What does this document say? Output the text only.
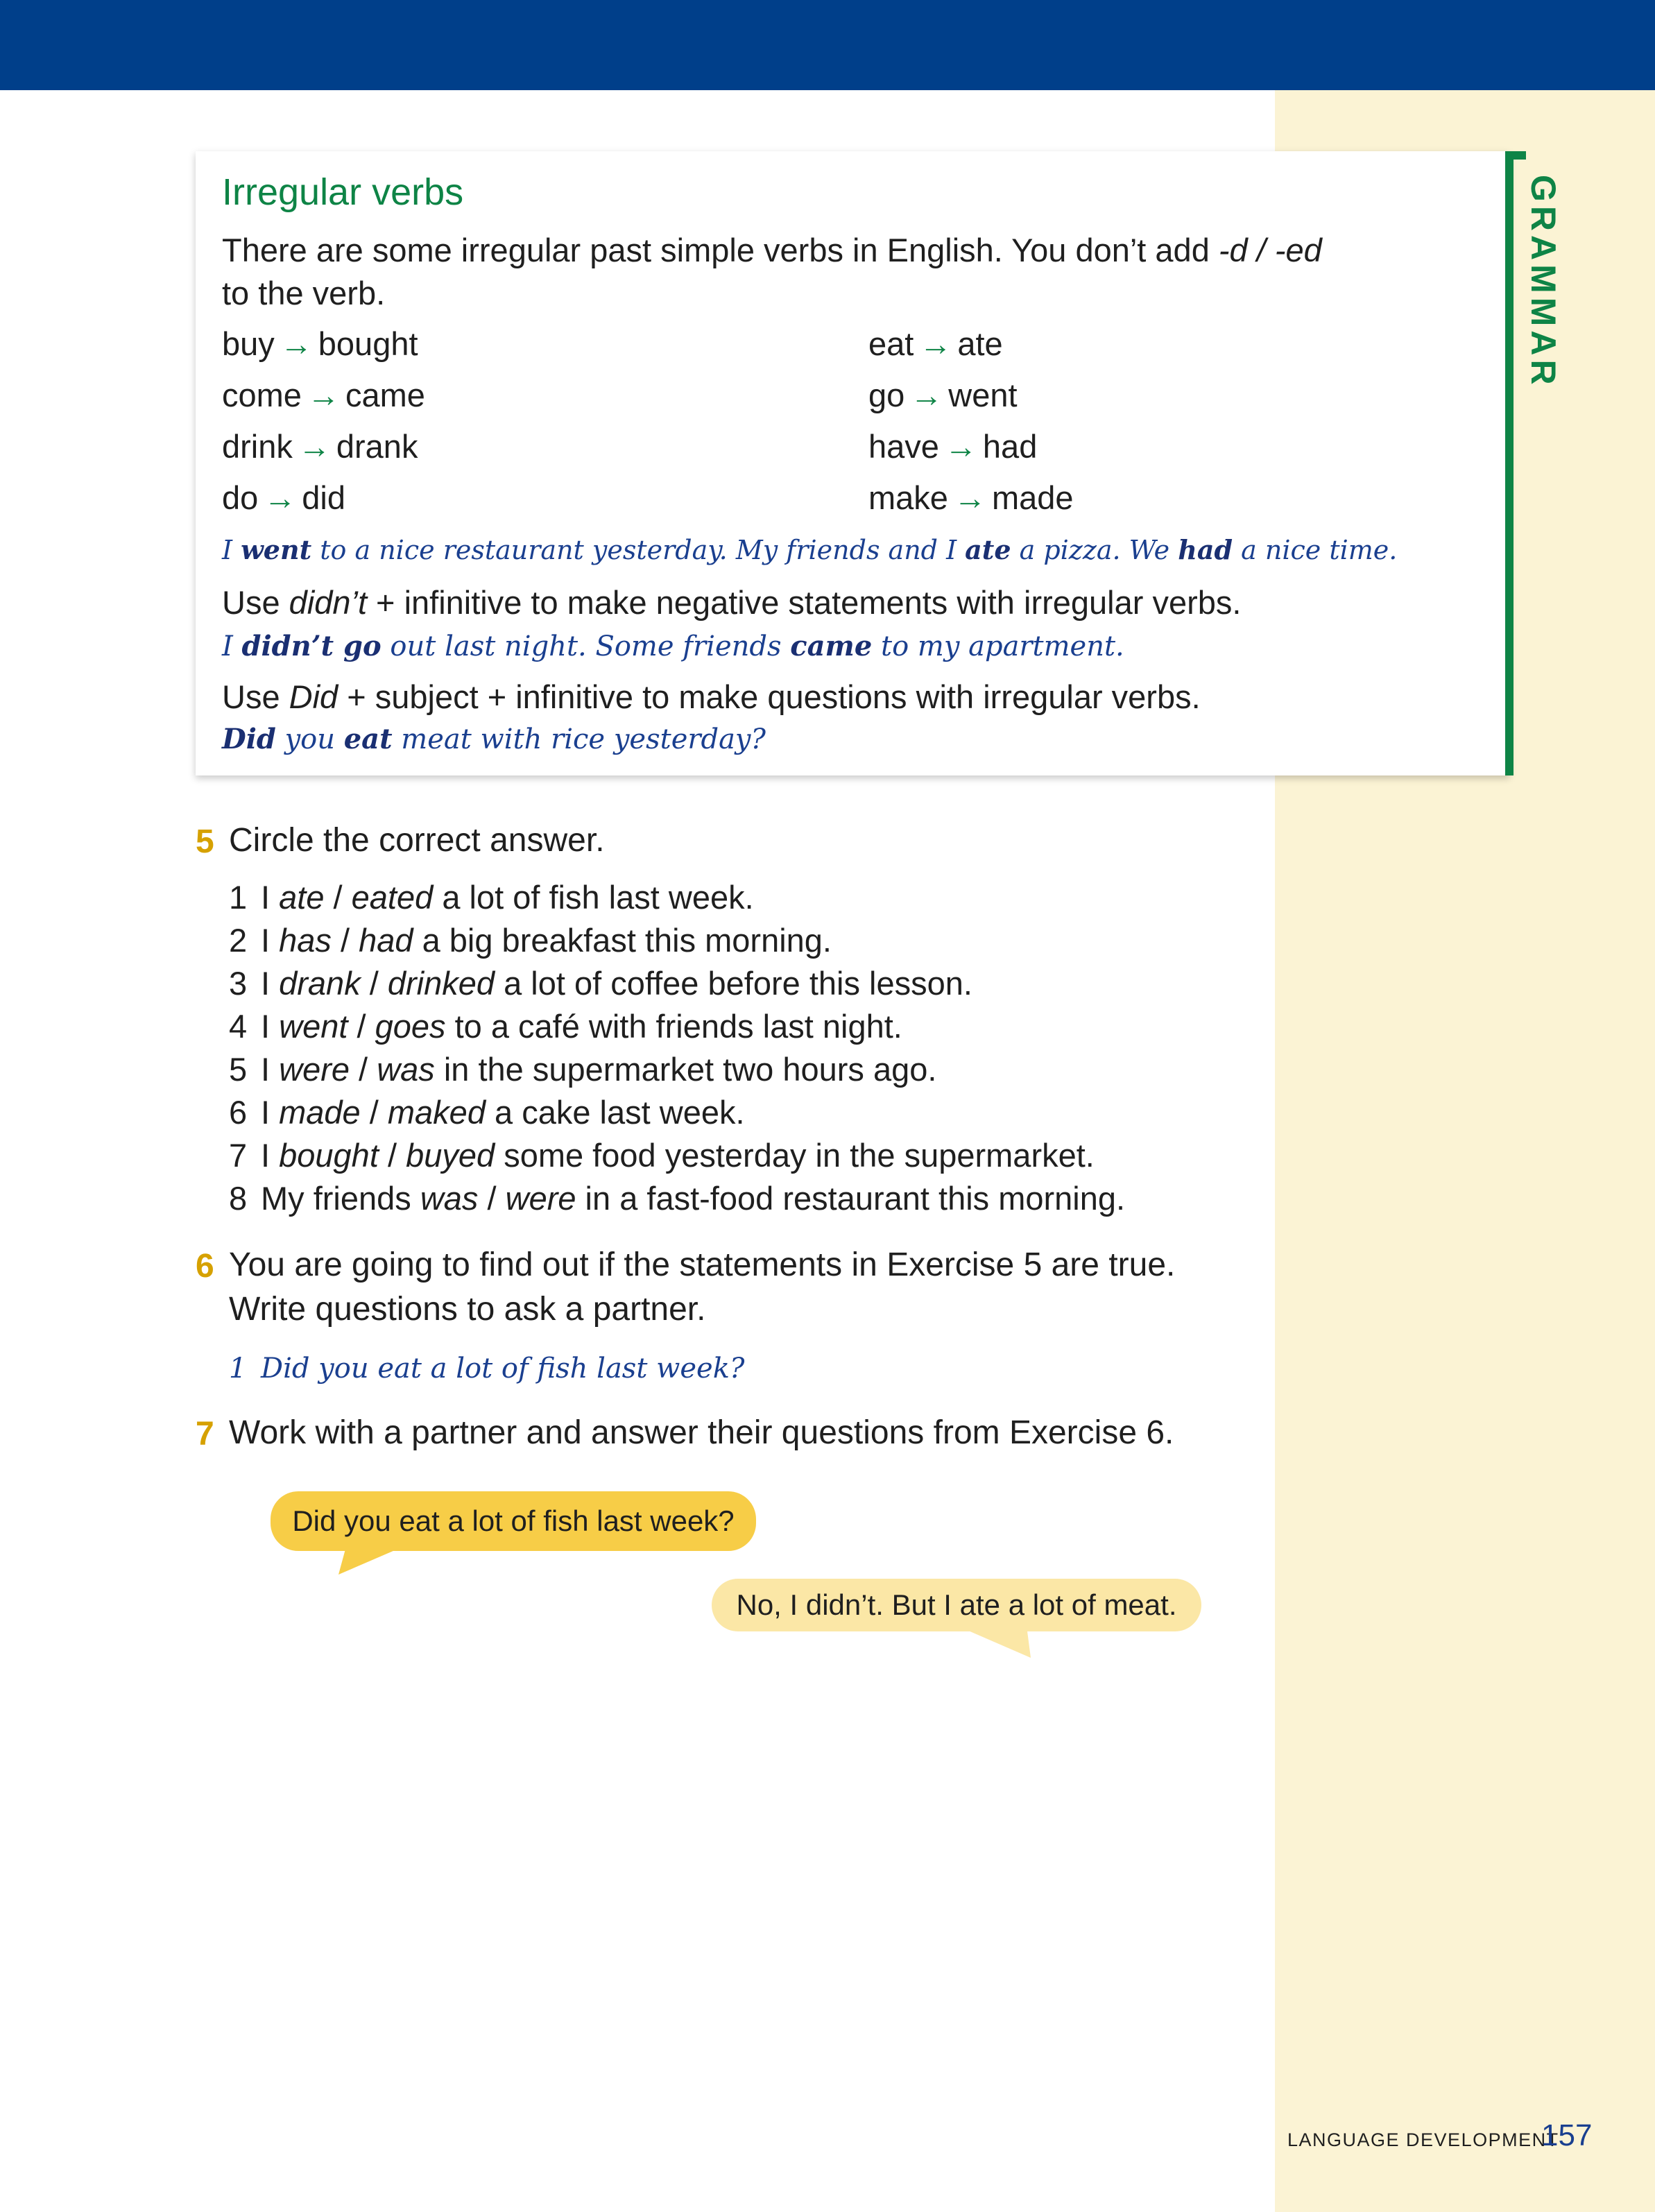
GRAMMAR
Irregular verbs
There are some irregular past simple verbs in English. You don’t add -d / -ed
to the verb.
buy → bought
come → came
drink → drank
do → did
eat → ate
go → went
have → had
make → made
I went to a nice restaurant yesterday. My friends and I ate a pizza. We had a nice time.
Use didn’t + infinitive to make negative statements with irregular verbs.
I didn’t go out last night. Some friends came to my apartment.
Use Did + subject + infinitive to make questions with irregular verbs.
Did you eat meat with rice yesterday?
5 Circle the correct answer.
1 I ate / eated a lot of fish last week.
2 I has / had a big breakfast this morning.
3 I drank / drinked a lot of coffee before this lesson.
4 I went / goes to a café with friends last night.
5 I were / was in the supermarket two hours ago.
6 I made / maked a cake last week.
7 I bought / buyed some food yesterday in the supermarket.
8 My friends was / were in a fast-food restaurant this morning.
6 You are going to find out if the statements in Exercise 5 are true.
Write questions to ask a partner.
1 Did you eat a lot of fish last week?
7 Work with a partner and answer their questions from Exercise 6.
Did you eat a lot of fish last week?
No, I didn’t. But I ate a lot of meat.
LANGUAGE DEVELOPMENT
157
